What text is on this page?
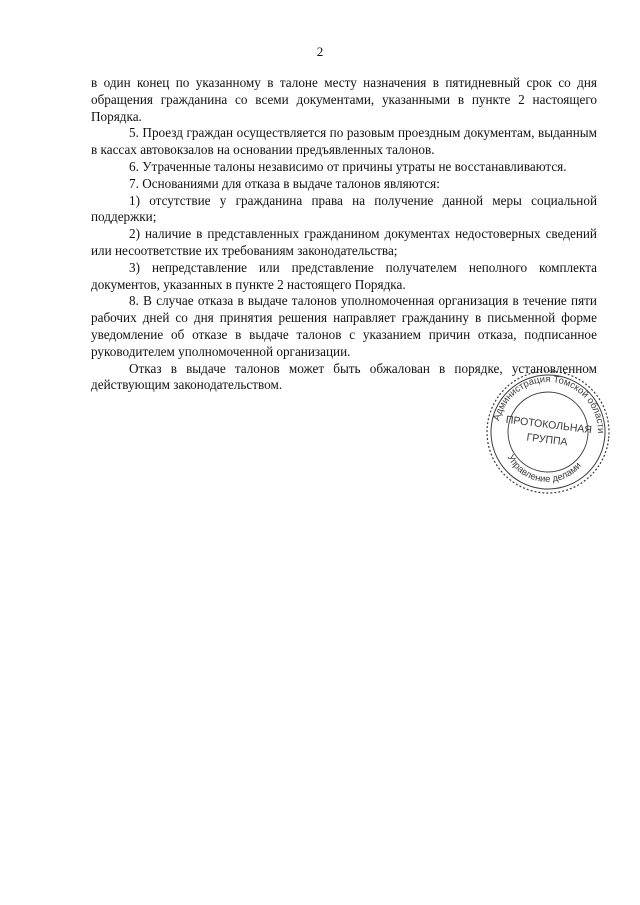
2

в один конец по указанному в талоне месту назначения в пятидневный срок со дня обращения гражданина со всеми документами, указанными в пункте 2 настоящего Порядка.

5. Проезд граждан осуществляется по разовым проездным документам, выданным в кассах автовокзалов на основании предъявленных талонов.

6. Утраченные талоны независимо от причины утраты не восстанавливаются.

7. Основаниями для отказа в выдаче талонов являются:

1) отсутствие у гражданина права на получение данной меры социальной поддержки;

2) наличие в представленных гражданином документах недостоверных сведений или несоответствие их требованиям законодательства;

3) непредставление или представление получателем неполного комплекта документов, указанных в пункте 2 настоящего Порядка.

8. В случае отказа в выдаче талонов уполномоченная организация в течение пяти рабочих дней со дня принятия решения направляет гражданину в письменной форме уведомление об отказе в выдаче талонов с указанием причин отказа, подписанное руководителем уполномоченной организации.

Отказ в выдаче талонов может быть обжалован в порядке, установленном действующим законодательством.

Администрация Томской области
Управление делами
ПРОТОКОЛЬНАЯ
ГРУППА
